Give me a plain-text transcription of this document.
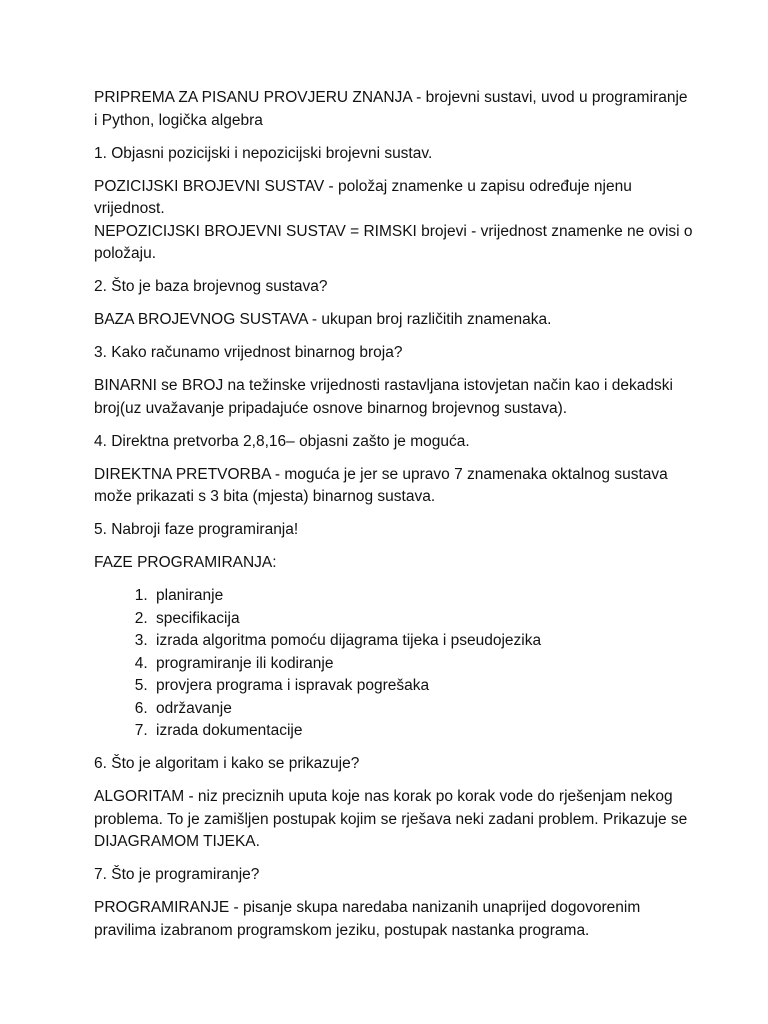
PRIPREMA ZA PISANU PROVJERU ZNANJA - brojevni sustavi, uvod u programiranje i Python, logička algebra

1. Objasni pozicijski i nepozicijski brojevni sustav.

POZICIJSKI BROJEVNI SUSTAV - položaj znamenke u zapisu određuje njenu vrijednost.
NEPOZICIJSKI BROJEVNI SUSTAV = RIMSKI brojevi - vrijednost znamenke ne ovisi o položaju.

2. Što je baza brojevnog sustava?

BAZA BROJEVNOG SUSTAVA - ukupan broj različitih znamenaka.

3. Kako računamo vrijednost binarnog broja?

BINARNI se BROJ na težinske vrijednosti rastavljana istovjetan način kao i dekadski broj(uz uvažavanje pripadajuće osnove binarnog brojevnog sustava).

4. Direktna pretvorba 2,8,16– objasni zašto je moguća.

DIREKTNA PRETVORBA - moguća je jer se upravo 7 znamenaka oktalnog sustava može prikazati s 3 bita (mjesta) binarnog sustava.

5. Nabroji faze programiranja!

FAZE PROGRAMIRANJA:

1. planiranje
2. specifikacija
3. izrada algoritma pomoću dijagrama tijeka i pseudojezika
4. programiranje ili kodiranje
5. provjera programa i ispravak pogrešaka
6. održavanje
7. izrada dokumentacije

6. Što je algoritam i kako se prikazuje?

ALGORITAM - niz preciznih uputa koje nas korak po korak vode do rješenjam nekog problema. To je zamišljen postupak kojim se rješava neki zadani problem. Prikazuje se DIJAGRAMOM TIJEKA.

7. Što je programiranje?

PROGRAMIRANJE - pisanje skupa naredaba nanizanih unaprijed dogovorenim pravilima izabranom programskom jeziku, postupak nastanka programa.
